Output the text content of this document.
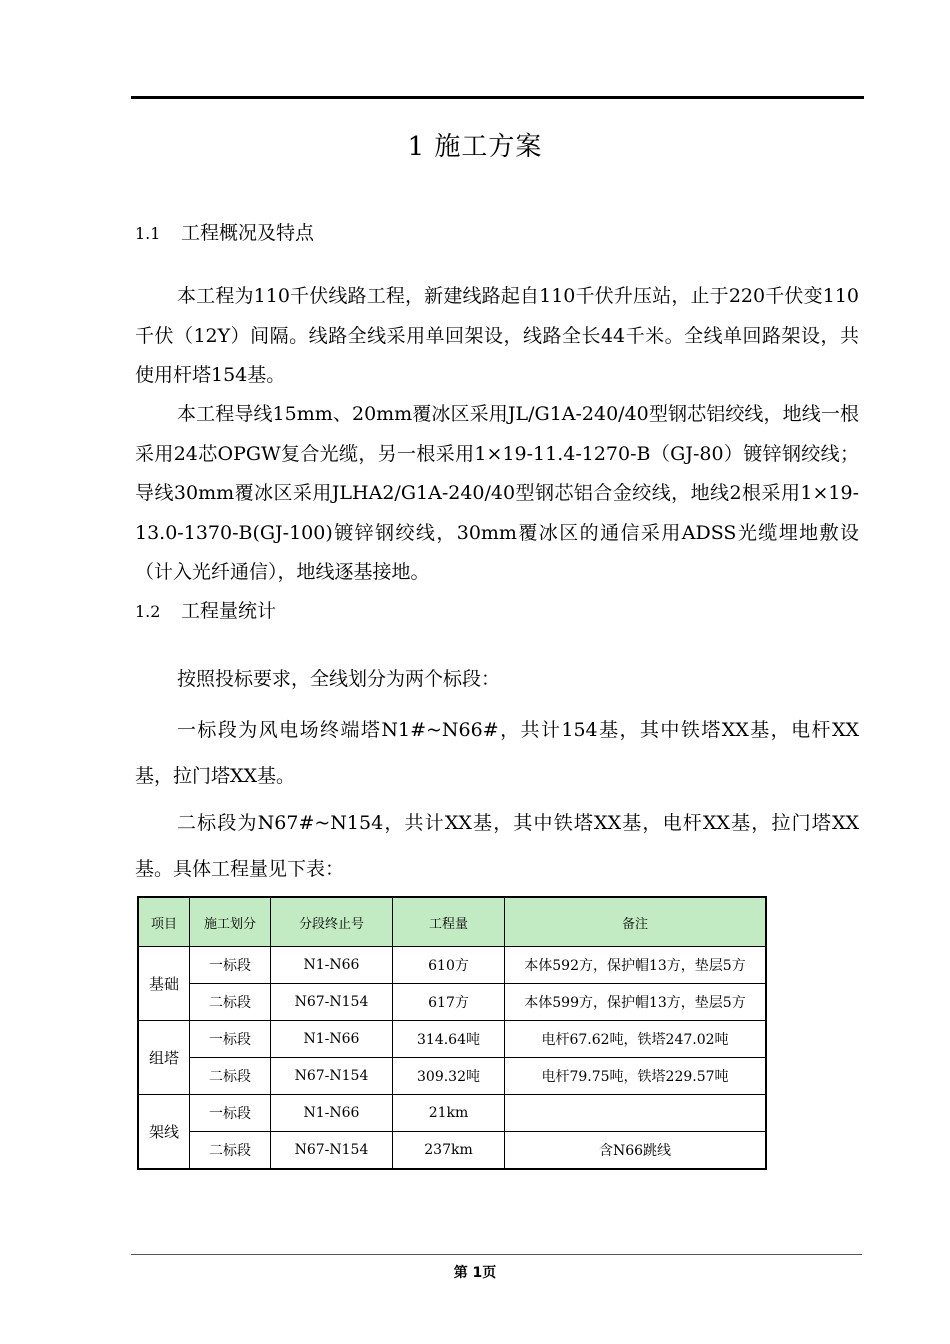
1 施工方案
1.1 工程概况及特点

本工程为110千伏线路工程，新建线路起自110千伏升压站，止于220千伏变110千伏（12Y）间隔。线路全线采用单回架设，线路全长44千米。全线单回路架设，共使用杆塔154基。

本工程导线15mm、20mm覆冰区采用JL/G1A-240/40型钢芯铝绞线，地线一根采用24芯OPGW复合光缆，另一根采用1×19-11.4-1270-B（GJ-80）镀锌钢绞线；导线30mm覆冰区采用JLHA2/G1A-240/40型钢芯铝合金绞线，地线2根采用1×19-13.0-1370-B(GJ-100)镀锌钢绞线，30mm覆冰区的通信采用ADSS光缆埋地敷设（计入光纤通信），地线逐基接地。

1.2 工程量统计

按照投标要求，全线划分为两个标段：

一标段为风电场终端塔N1#~N66#，共计154基，其中铁塔XX基，电杆XX基，拉门塔XX基。

二标段为N67#~N154，共计XX基，其中铁塔XX基，电杆XX基，拉门塔XX基。具体工程量见下表：

项目	施工划分	分段终止号	工程量	备注
基础	一标段	N1-N66	610方	本体592方，保护帽13方，垫层5方
	二标段	N67-N154	617方	本体599方，保护帽13方，垫层5方
组塔	一标段	N1-N66	314.64吨	电杆67.62吨，铁塔247.02吨
	二标段	N67-N154	309.32吨	电杆79.75吨，铁塔229.57吨
架线	一标段	N1-N66	21km	
	二标段	N67-N154	237km	含N66跳线
第 1页
